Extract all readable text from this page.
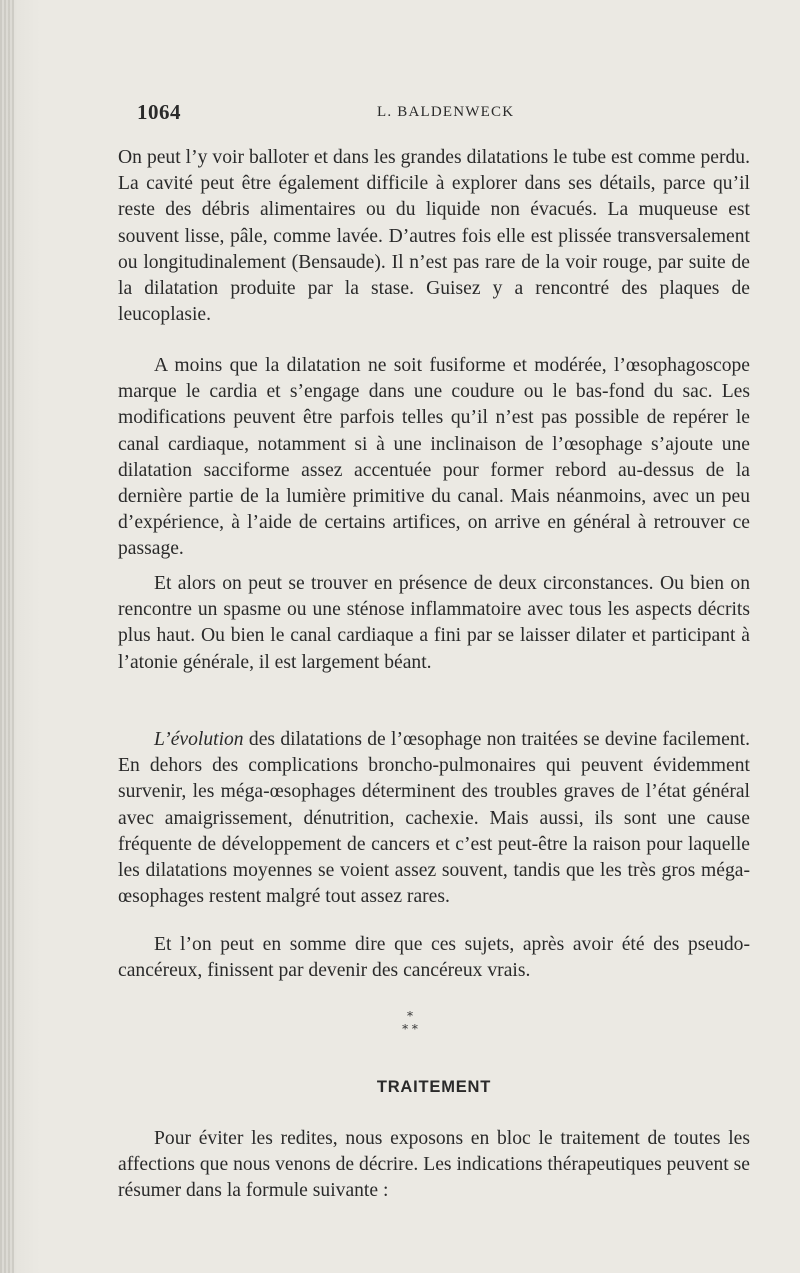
1064	L. BALDENWECK

On peut l’y voir balloter et dans les grandes dilatations le tube est comme perdu. La cavité peut être également difficile à explorer dans ses détails, parce qu’il reste des débris alimentaires ou du liquide non évacués. La muqueuse est souvent lisse, pâle, comme lavée. D’autres fois elle est plissée transversalement ou longitudinalement (Bensaude). Il n’est pas rare de la voir rouge, par suite de la dilatation produite par la stase. Guisez y a rencontré des plaques de leucoplasie.

A moins que la dilatation ne soit fusiforme et modérée, l’œsophagoscope marque le cardia et s’engage dans une coudure ou le bas-fond du sac. Les modifications peuvent être parfois telles qu’il n’est pas possible de repérer le canal cardiaque, notamment si à une inclinaison de l’œsophage s’ajoute une dilatation sacciforme assez accentuée pour former rebord au-dessus de la dernière partie de la lumière primitive du canal. Mais néanmoins, avec un peu d’expérience, à l’aide de certains artifices, on arrive en général à retrouver ce passage.

Et alors on peut se trouver en présence de deux circonstances. Ou bien on rencontre un spasme ou une sténose inflammatoire avec tous les aspects décrits plus haut. Ou bien le canal cardiaque a fini par se laisser dilater et participant à l’atonie générale, il est largement béant.

L’évolution des dilatations de l’œsophage non traitées se devine facilement. En dehors des complications broncho-pulmonaires qui peuvent évidemment survenir, les méga-œsophages déterminent des troubles graves de l’état général avec amaigrissement, dénutrition, cachexie. Mais aussi, ils sont une cause fréquente de développement de cancers et c’est peut-être la raison pour laquelle les dilatations moyennes se voient assez souvent, tandis que les très gros méga-œsophages restent malgré tout assez rares.

Et l’on peut en somme dire que ces sujets, après avoir été des pseudo-cancéreux, finissent par devenir des cancéreux vrais.

*
* *
TRAITEMENT

Pour éviter les redites, nous exposons en bloc le traitement de toutes les affections que nous venons de décrire. Les indications thérapeutiques peuvent se résumer dans la formule suivante :
